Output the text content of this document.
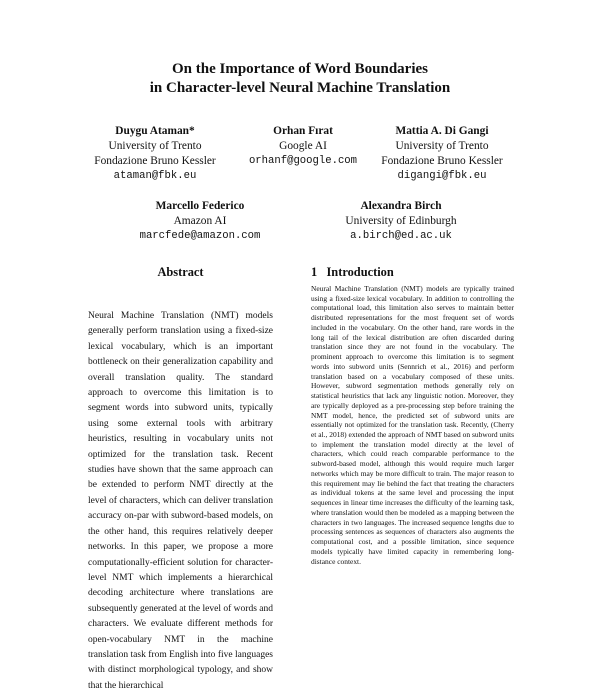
On the Importance of Word Boundaries
in Character-level Neural Machine Translation
Duygu Ataman*
University of Trento
Fondazione Bruno Kessler
ataman@fbk.eu
Orhan Fırat
Google AI
orhanf@google.com
Mattia A. Di Gangi
University of Trento
Fondazione Bruno Kessler
digangi@fbk.eu
Marcello Federico
Amazon AI
marcfede@amazon.com
Alexandra Birch
University of Edinburgh
a.birch@ed.ac.uk
Abstract	1   Introduction
Neural Machine Translation (NMT) models generally perform translation using a fixed-size lexical vocabulary, which is an important bottleneck on their generalization capability and overall translation quality. The standard approach to overcome this limitation is to segment words into subword units, typically using some external tools with arbitrary heuristics, resulting in vocabulary units not optimized for the translation task. Recent studies have shown that the same approach can be extended to perform NMT directly at the level of characters, which can deliver translation accuracy on-par with subword-based models, on the other hand, this requires relatively deeper networks. In this paper, we propose a more computationally-efficient solution for character-level NMT which implements a hierarchical decoding architecture where translations are subsequently generated at the level of words and characters. We evaluate different methods for open-vocabulary NMT in the machine translation task from English into five languages with distinct morphological typology, and show that the hierarchical
Neural Machine Translation (NMT) models are typically trained using a fixed-size lexical vocabulary. In addition to controlling the computational load, this limitation also serves to maintain better distributed representations for the most frequent set of words included in the vocabulary. On the other hand, rare words in the long tail of the lexical distribution are often discarded during translation since they are not found in the vocabulary. The prominent approach to overcome this limitation is to segment words into subword units (Sennrich et al., 2016) and perform translation based on a vocabulary composed of these units. However, subword segmentation methods generally rely on statistical heuristics that lack any linguistic notion. Moreover, they are typically deployed as a pre-processing step before training the NMT model, hence, the predicted set of subword units are essentially not optimized for the translation task. Recently, (Cherry et al., 2018) extended the approach of NMT based on subword units to implement the translation model directly at the level of characters, which could reach comparable performance to the subword-based model, although this would require much larger networks which may be more difficult to train. The major reason to this requirement may lie behind the fact that treating the characters as individual tokens at the same level and processing the input sequences in linear time increases the difficulty of the learning task, where translation would then be modeled as a mapping between the characters in two languages. The increased sequence lengths due to processing sentences as sequences of characters also augments the computational cost, and a possible limitation, since sequence models typically have limited capacity in remembering long-distance context.
